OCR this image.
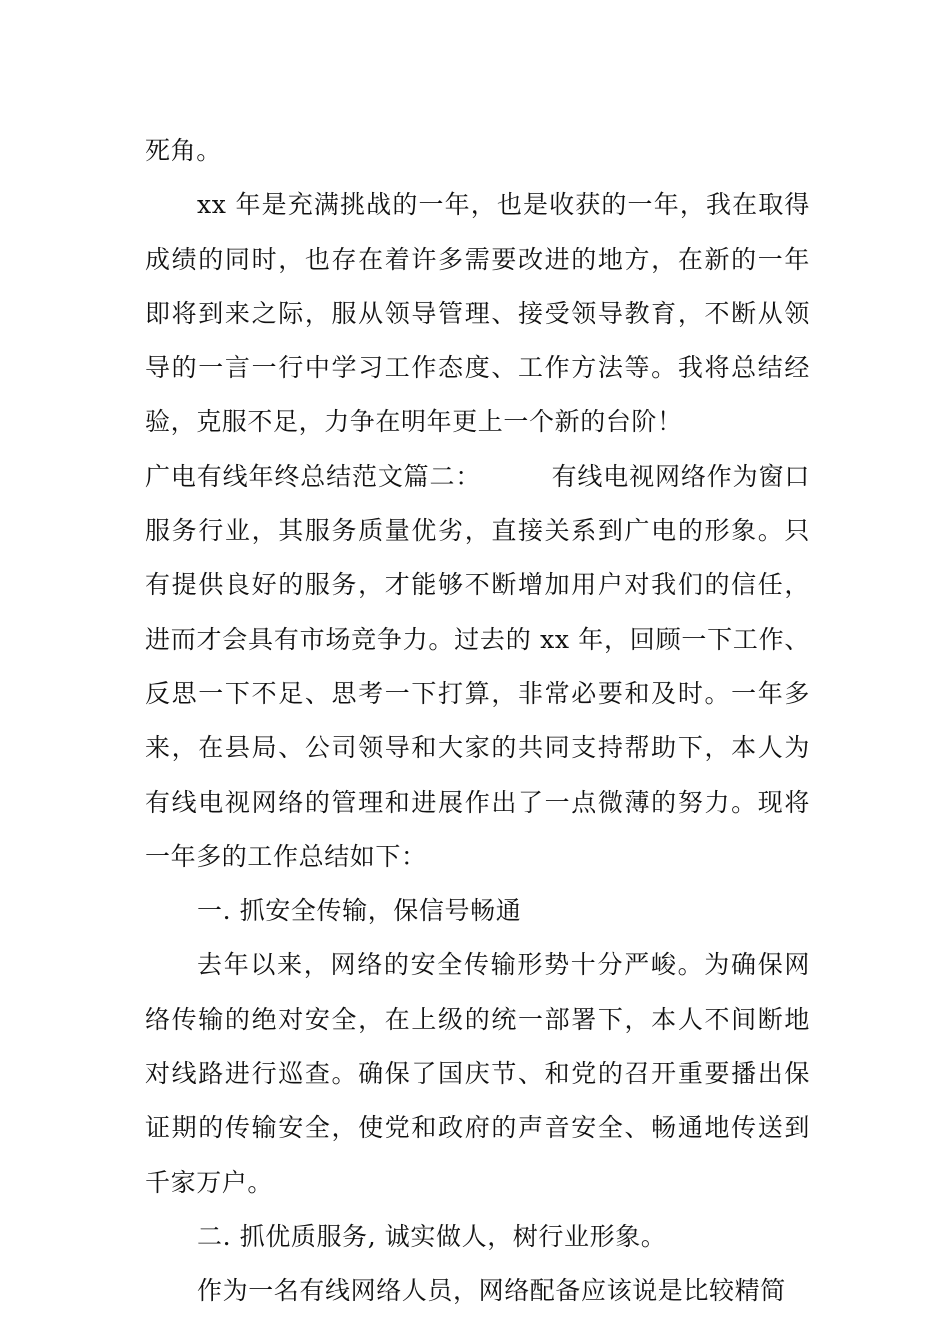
死角。

xx 年是充满挑战的一年，也是收获的一年，我在取得成绩的同时，也存在着许多需要改进的地方，在新的一年即将到来之际，服从领导管理、接受领导教育，不断从领导的一言一行中学习工作态度、工作方法等。我将总结经验，克服不足，力争在明年更上一个新的台阶！

广电有线年终总结范文篇二：	有线电视网络作为窗口服务行业，其服务质量优劣，直接关系到广电的形象。只有提供良好的服务，才能够不断增加用户对我们的信任，进而才会具有市场竞争力。过去的 xx 年，回顾一下工作、反思一下不足、思考一下打算，非常必要和及时。一年多来，在县局、公司领导和大家的共同支持帮助下，本人为有线电视网络的管理和进展作出了一点微薄的努力。现将一年多的工作总结如下：

一. 抓安全传输，保信号畅通

去年以来，网络的安全传输形势十分严峻。为确保网络传输的绝对安全，在上级的统一部署下，本人不间断地对线路进行巡查。确保了国庆节、和党的召开重要播出保证期的传输安全，使党和政府的声音安全、畅通地传送到千家万户。

二. 抓优质服务, 诚实做人，树行业形象。

作为一名有线网络人员，网络配备应该说是比较精简
